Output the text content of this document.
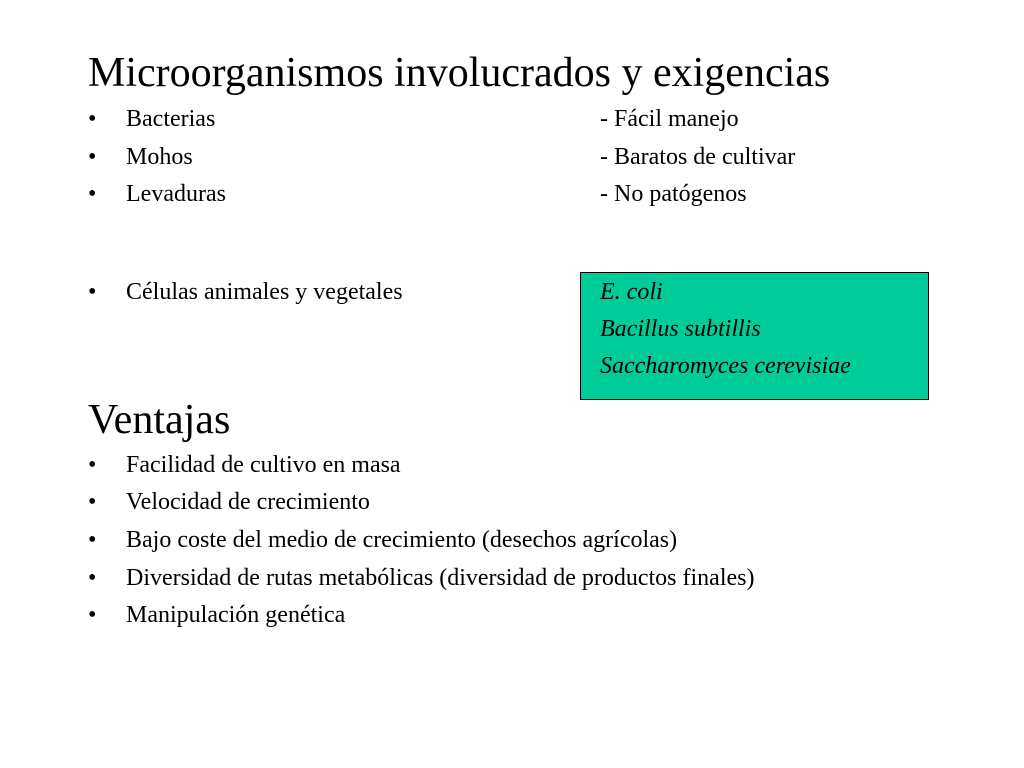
Microorganismos involucrados y exigencias
•	Bacterias	- Fácil manejo
•	Mohos	- Baratos de cultivar
•	Levaduras	- No patógenos
•	Células animales y vegetales	E. coli
Bacillus subtillis
Saccharomyces cerevisiae
Ventajas
•	Facilidad de cultivo en masa
•	Velocidad de crecimiento
•	Bajo coste del medio de crecimiento (desechos agrícolas)
•	Diversidad de rutas metabólicas (diversidad de productos finales)
•	Manipulación genética
